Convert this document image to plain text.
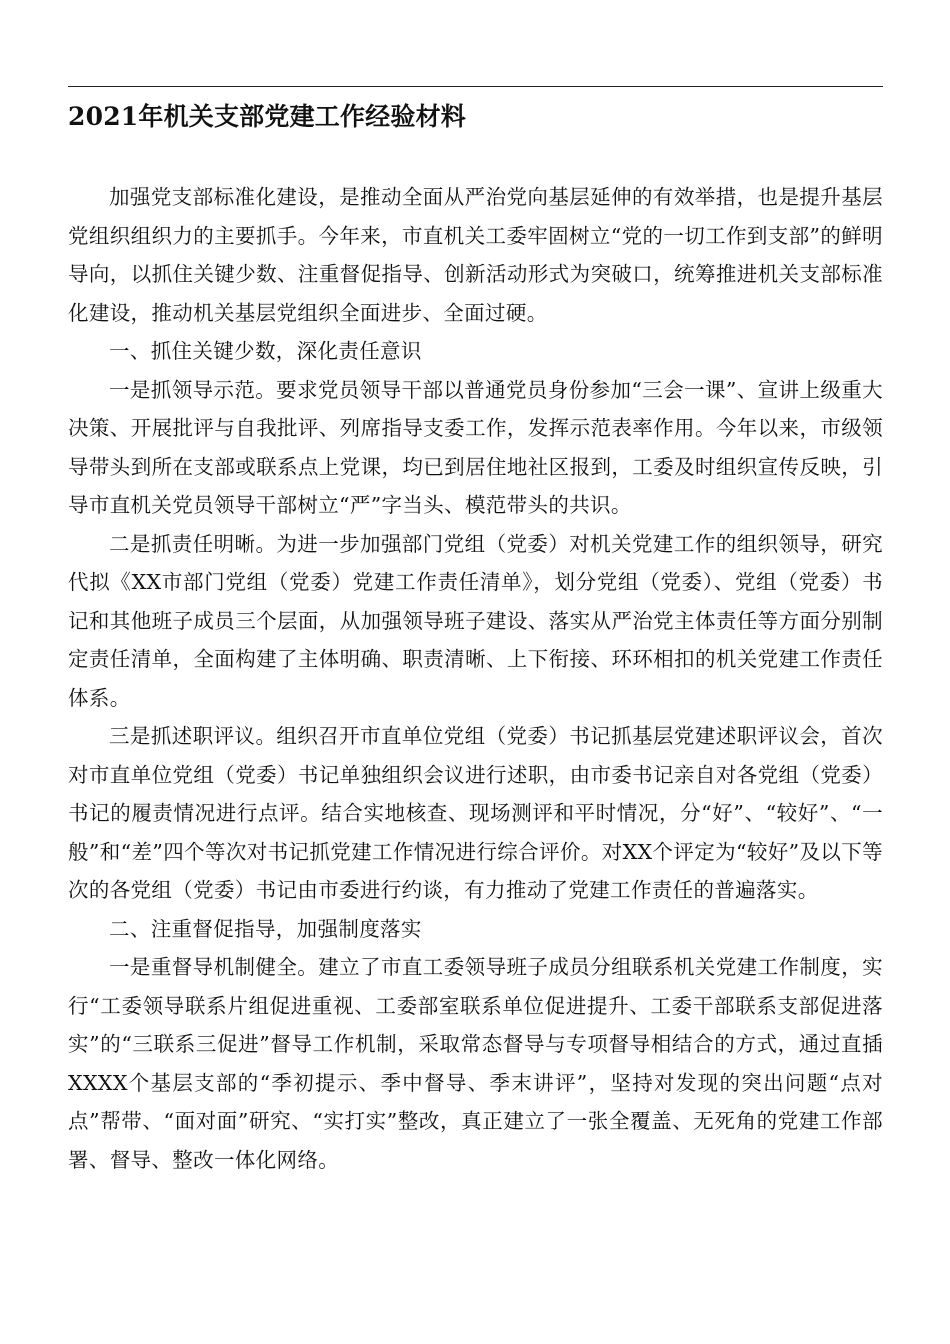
2021年机关支部党建工作经验材料

加强党支部标准化建设，是推动全面从严治党向基层延伸的有效举措，也是提升基层党组织组织力的主要抓手。今年来，市直机关工委牢固树立“党的一切工作到支部”的鲜明导向，以抓住关键少数、注重督促指导、创新活动形式为突破口，统筹推进机关支部标准化建设，推动机关基层党组织全面进步、全面过硬。

一、抓住关键少数，深化责任意识

一是抓领导示范。要求党员领导干部以普通党员身份参加“三会一课”、宣讲上级重大决策、开展批评与自我批评、列席指导支委工作，发挥示范表率作用。今年以来，市级领导带头到所在支部或联系点上党课，均已到居住地社区报到，工委及时组织宣传反映，引导市直机关党员领导干部树立“严”字当头、模范带头的共识。

二是抓责任明晰。为进一步加强部门党组（党委）对机关党建工作的组织领导，研究代拟《XX市部门党组（党委）党建工作责任清单》，划分党组（党委）、党组（党委）书记和其他班子成员三个层面，从加强领导班子建设、落实从严治党主体责任等方面分别制定责任清单，全面构建了主体明确、职责清晰、上下衔接、环环相扣的机关党建工作责任体系。

三是抓述职评议。组织召开市直单位党组（党委）书记抓基层党建述职评议会，首次对市直单位党组（党委）书记单独组织会议进行述职，由市委书记亲自对各党组（党委）书记的履责情况进行点评。结合实地核查、现场测评和平时情况，分“好”、“较好”、“一般”和“差”四个等次对书记抓党建工作情况进行综合评价。对XX个评定为“较好”及以下等次的各党组（党委）书记由市委进行约谈，有力推动了党建工作责任的普遍落实。

二、注重督促指导，加强制度落实

一是重督导机制健全。建立了市直工委领导班子成员分组联系机关党建工作制度，实行“工委领导联系片组促进重视、工委部室联系单位促进提升、工委干部联系支部促进落实”的“三联系三促进”督导工作机制，采取常态督导与专项督导相结合的方式，通过直插XXXX个基层支部的“季初提示、季中督导、季末讲评”，坚持对发现的突出问题“点对点”帮带、“面对面”研究、“实打实”整改，真正建立了一张全覆盖、无死角的党建工作部署、督导、整改一体化网络。
